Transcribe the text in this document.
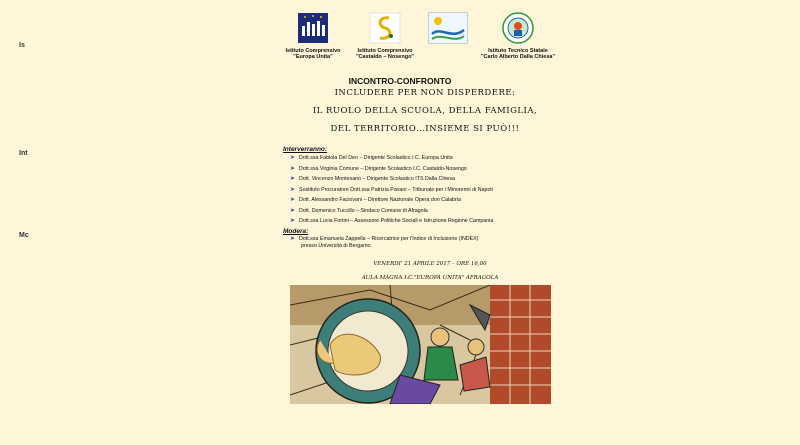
Is
Int
Mc
Istituto Comprensivo
"Europa Unita"
Istituto Comprensivo
"Castaldo – Nosengo"
Istituto Tecnico Statale
"Carlo Alberto Dalla Chiesa"
INCONTRO-CONFRONTO
INCLUDERE PER NON DISPERDERE:
IL RUOLO DELLA SCUOLA, DELLA FAMIGLIA,
DEL TERRITORIO…INSIEME SI PUÒ!!!
Interverranno:
➤ Dott.ssa Fabiola Del Deo – Dirigente Scolastico I.C. Europa Unita
➤ Dott.ssa Virginia Comune – Dirigente Scolastico I.C. Castaldo-Nosengo
➤ Dott. Vincenzo Montesano – Dirigente Scolastico ITS Dalla Chiesa
➤ Sostituto Procuratore Dott.ssa Patrizia Pavani – Tribunale per i Minorenni di Napoli
➤ Dott. Alessandro Faciovani – Direttore Nazionale Opera don Calabria
➤ Dott. Domenico Tuccillo – Sindaco Comune di Afragola
➤ Dott.ssa Lucia Fortini – Assessore Politiche Sociali e Istruzione Regione Campania
Modera:
➤ Dott.ssa Emanuela Zappella – Ricercatrice per l'Indice di Inclusione (INDEX)
presso Università di Bergamo.
VENERDI' 21 APRILE 2017 – ORE 16,00
AULA MAGNA I.C."EUROPA UNITA" AFRAGOLA
